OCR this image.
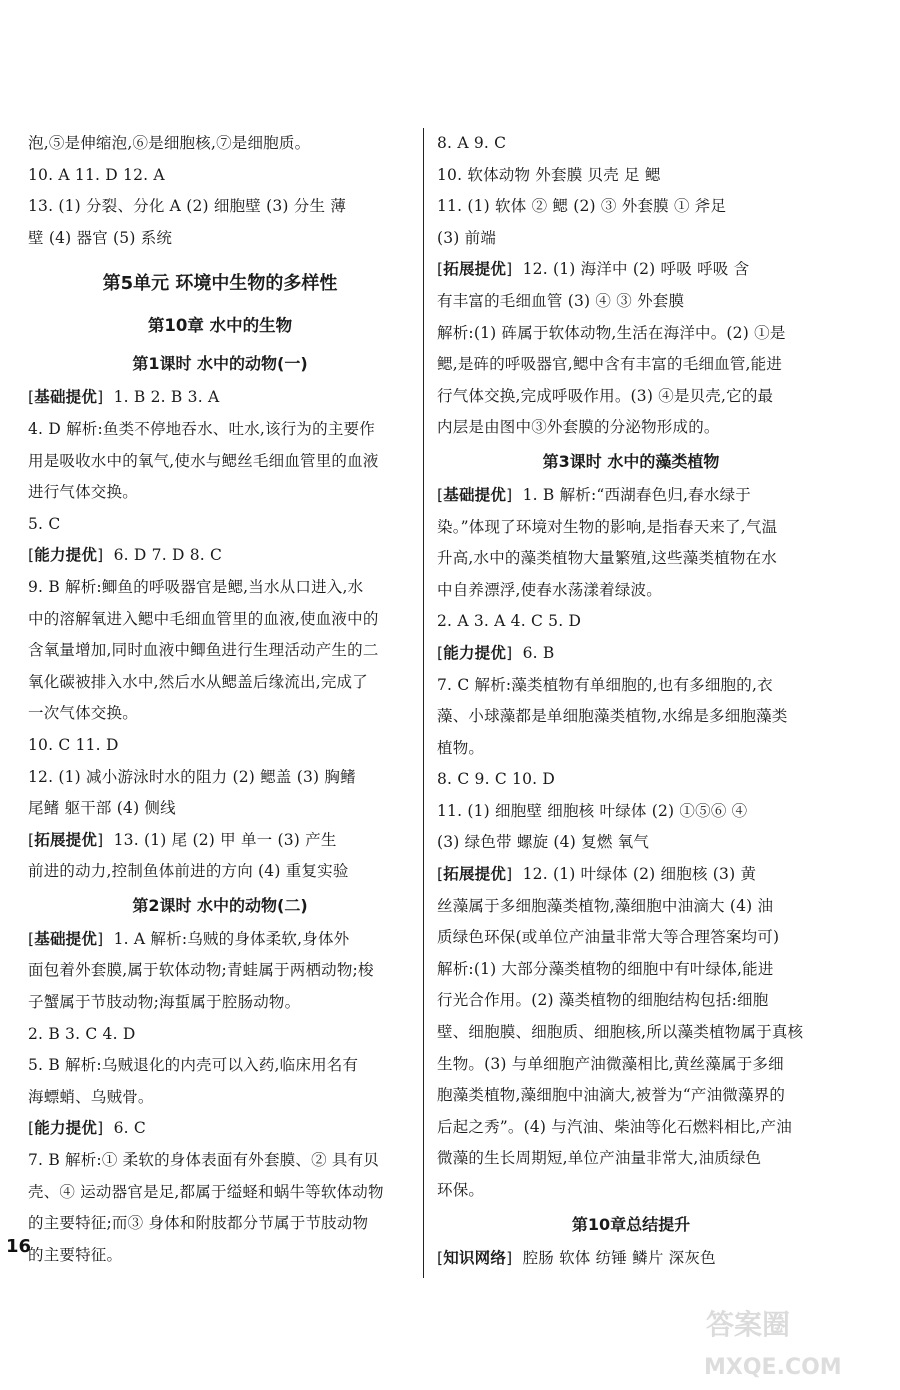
泡,⑤是伸缩泡,⑥是细胞核,⑦是细胞质。
10. A 11. D 12. A
13. (1) 分裂、分化 A (2) 细胞壁 (3) 分生 薄
壁 (4) 器官 (5) 系统
第5单元 环境中生物的多样性
第10章 水中的生物
第1课时 水中的动物(一)
[ 基础提优 ] 1. B 2. B 3. A
4. D 解析:鱼类不停地吞水、吐水,该行为的主要作
用是吸收水中的氧气,使水与鳃丝毛细血管里的血液
进行气体交换。
5. C
[ 能力提优 ] 6. D 7. D 8. C
9. B 解析:鲫鱼的呼吸器官是鳃,当水从口进入,水
中的溶解氧进入鳃中毛细血管里的血液,使血液中的
含氧量增加,同时血液中鲫鱼进行生理活动产生的二
氧化碳被排入水中,然后水从鳃盖后缘流出,完成了
一次气体交换。
10. C 11. D
12. (1) 减小游泳时水的阻力 (2) 鳃盖 (3) 胸鳍
尾鳍 躯干部 (4) 侧线
[ 拓展提优 ] 13. (1) 尾 (2) 甲 单一 (3) 产生
前进的动力,控制鱼体前进的方向 (4) 重复实验
第2课时 水中的动物(二)
[ 基础提优 ] 1. A 解析:乌贼的身体柔软,身体外
面包着外套膜,属于软体动物;青蛙属于两栖动物;梭
子蟹属于节肢动物;海蜇属于腔肠动物。
2. B 3. C 4. D
5. B 解析:乌贼退化的内壳可以入药,临床用名有
海螵蛸、乌贼骨。
[ 能力提优 ] 6. C
7. B 解析:① 柔软的身体表面有外套膜、② 具有贝
壳、④ 运动器官是足,都属于缢蛏和蜗牛等软体动物
的主要特征;而③ 身体和附肢都分节属于节肢动物
的主要特征。
8. A 9. C
10. 软体动物 外套膜 贝壳 足 鳃
11. (1) 软体 ② 鳃 (2) ③ 外套膜 ① 斧足
(3) 前端
[ 拓展提优 ] 12. (1) 海洋中 (2) 呼吸 呼吸 含
有丰富的毛细血管 (3) ④ ③ 外套膜
解析:(1) 砗属于软体动物,生活在海洋中。(2) ①是
鳃,是砗的呼吸器官,鳃中含有丰富的毛细血管,能进
行气体交换,完成呼吸作用。(3) ④是贝壳,它的最
内层是由图中③外套膜的分泌物形成的。
第3课时 水中的藻类植物
[ 基础提优 ] 1. B 解析:“西湖春色归,春水绿于
染。”体现了环境对生物的影响,是指春天来了,气温
升高,水中的藻类植物大量繁殖,这些藻类植物在水
中自养漂浮,使春水荡漾着绿波。
2. A 3. A 4. C 5. D
[ 能力提优 ] 6. B
7. C 解析:藻类植物有单细胞的,也有多细胞的,衣
藻、小球藻都是单细胞藻类植物,水绵是多细胞藻类
植物。
8. C 9. C 10. D
11. (1) 细胞壁 细胞核 叶绿体 (2) ①⑤⑥ ④
(3) 绿色带 螺旋 (4) 复燃 氧气
[ 拓展提优 ] 12. (1) 叶绿体 (2) 细胞核 (3) 黄
丝藻属于多细胞藻类植物,藻细胞中油滴大 (4) 油
质绿色环保(或单位产油量非常大等合理答案均可)
解析:(1) 大部分藻类植物的细胞中有叶绿体,能进
行光合作用。(2) 藻类植物的细胞结构包括:细胞
壁、细胞膜、细胞质、细胞核,所以藻类植物属于真核
生物。(3) 与单细胞产油微藻相比,黄丝藻属于多细
胞藻类植物,藻细胞中油滴大,被誉为“产油微藻界的
后起之秀”。(4) 与汽油、柴油等化石燃料相比,产油
微藻的生长周期短,单位产油量非常大,油质绿色
环保。
第10章总结提升
[ 知识网络 ] 腔肠 软体 纺锤 鳞片 深灰色
16
答案圈
MXQE.COM
